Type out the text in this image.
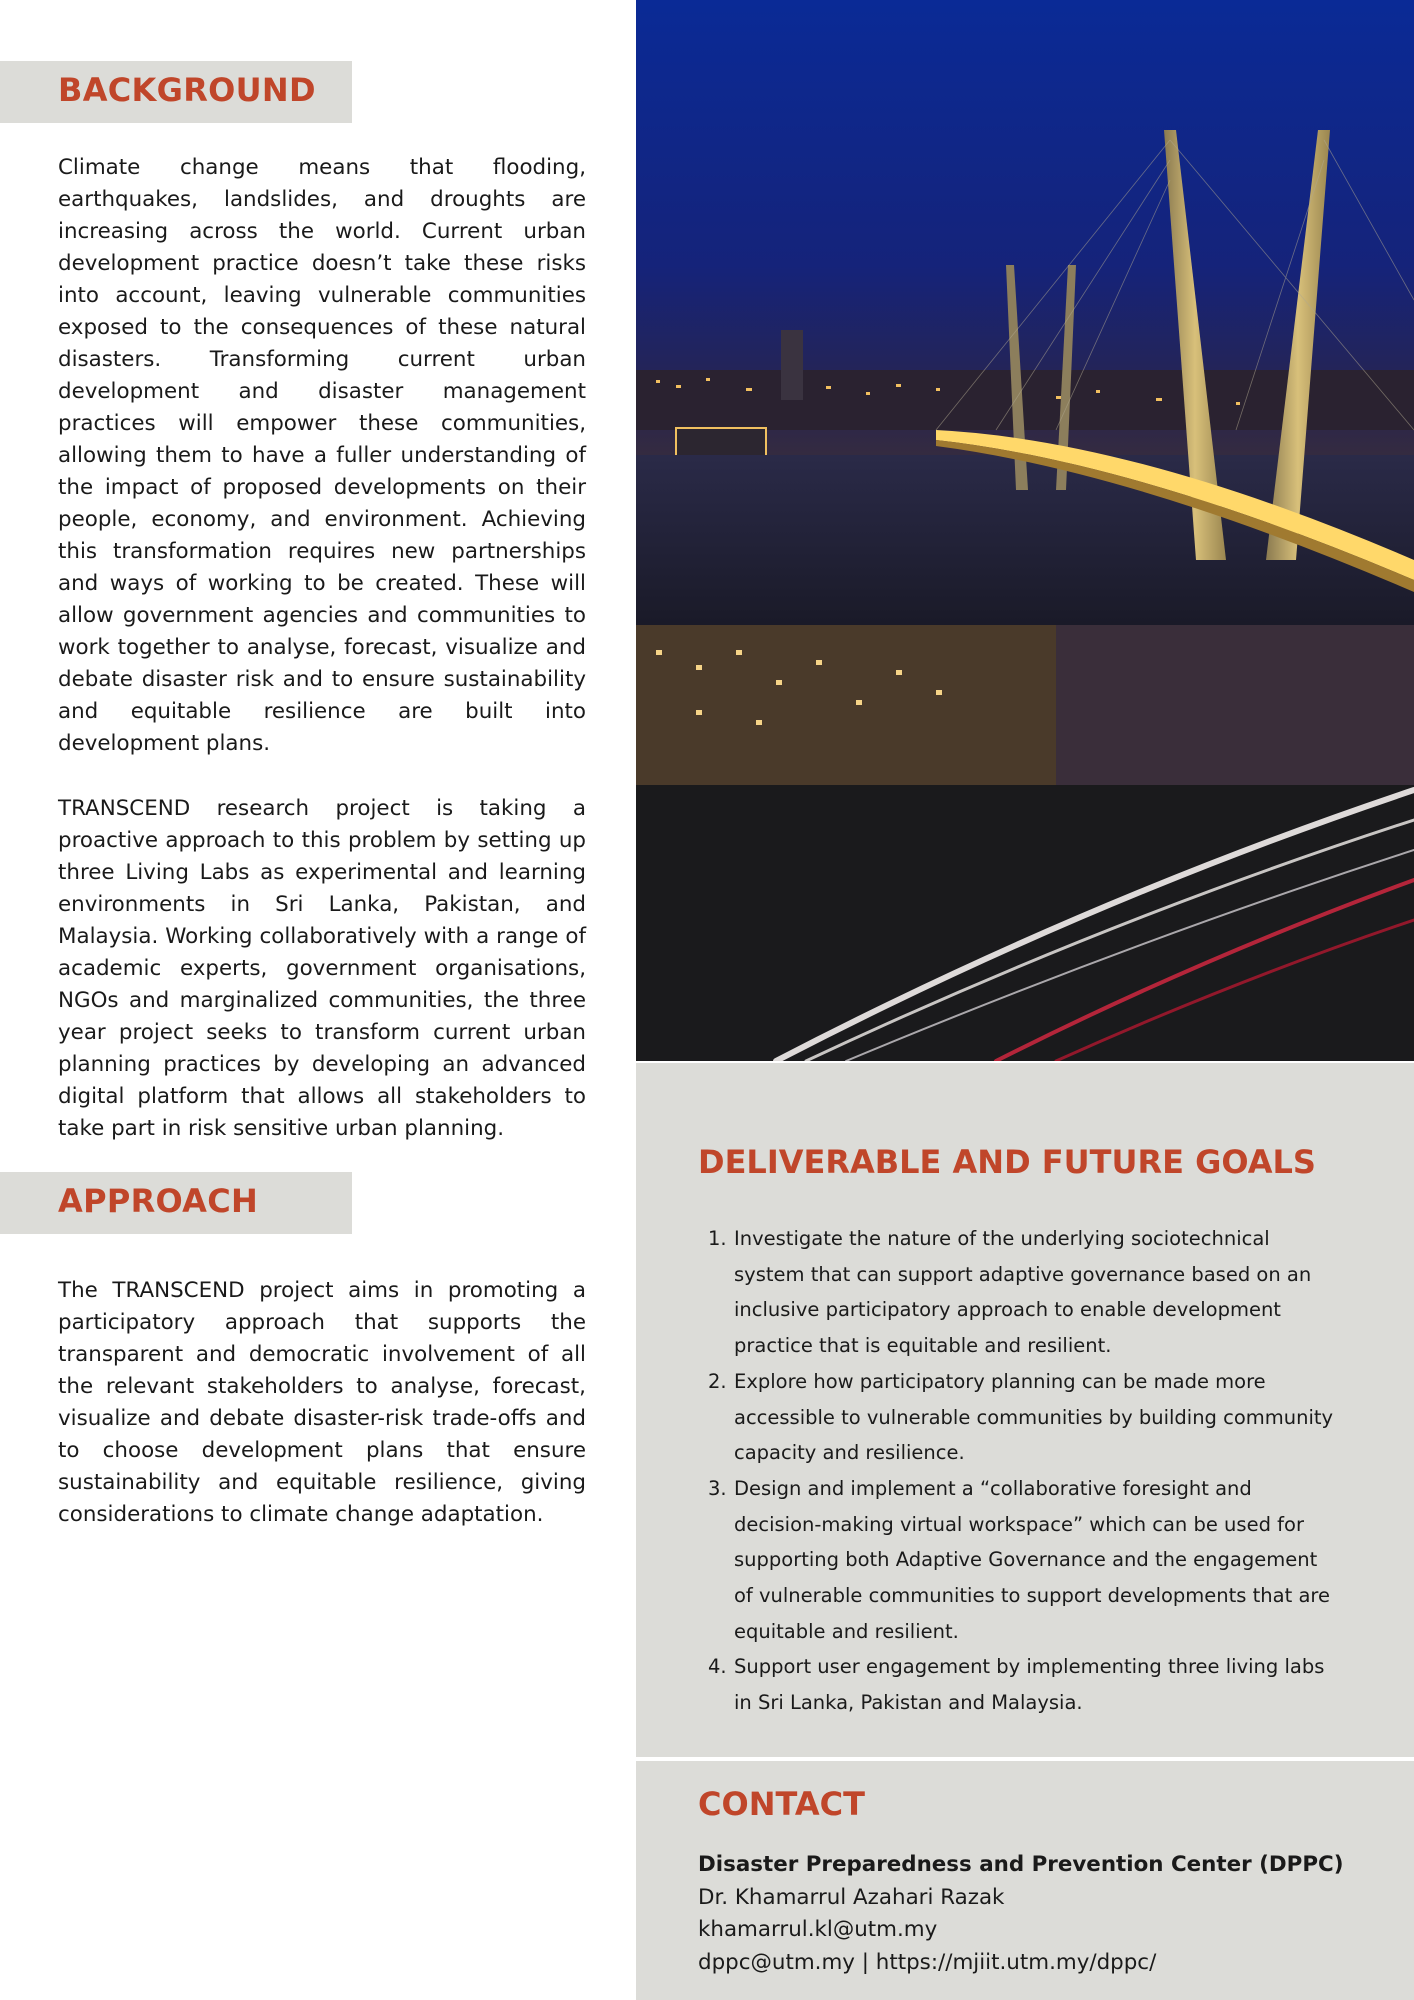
BACKGROUND

Climate change means that flooding, earthquakes, landslides, and droughts are increasing across the world. Current urban development practice doesn’t take these risks into account, leaving vulnerable communities exposed to the consequences of these natural disasters. Transforming current urban development and disaster management practices will empower these communities, allowing them to have a fuller understanding of the impact of proposed developments on their people, economy, and environment. Achieving this transformation requires new partnerships and ways of working to be created. These will allow government agencies and communities to work together to analyse, forecast, visualize and debate disaster risk and to ensure sustainability and equitable resilience are built into development plans.

TRANSCEND research project is taking a proactive approach to this problem by setting up three Living Labs as experimental and learning environments in Sri Lanka, Pakistan, and Malaysia. Working collaboratively with a range of academic experts, government organisations, NGOs and marginalized communities, the three year project seeks to transform current urban planning practices by developing an advanced digital platform that allows all stakeholders to take part in risk sensitive urban planning.

APPROACH

The TRANSCEND project aims in promoting a participatory approach that supports the transparent and democratic involvement of all the relevant stakeholders to analyse, forecast, visualize and debate disaster-risk trade-offs and to choose development plans that ensure sustainability and equitable resilience, giving considerations to climate change adaptation.

DELIVERABLE AND FUTURE GOALS
1. Investigate the nature of the underlying sociotechnical system that can support adaptive governance based on an inclusive participatory approach to enable development practice that is equitable and resilient.
2. Explore how participatory planning can be made more accessible to vulnerable communities by building community capacity and resilience.
3. Design and implement a “collaborative foresight and decision-making virtual workspace” which can be used for supporting both Adaptive Governance and the engagement of vulnerable communities to support developments that are equitable and resilient.
4. Support user engagement by implementing three living labs in Sri Lanka, Pakistan and Malaysia.
CONTACT
Disaster Preparedness and Prevention Center (DPPC)
Dr. Khamarrul Azahari Razak
khamarrul.kl@utm.my
dppc@utm.my | https://mjiit.utm.my/dppc/
